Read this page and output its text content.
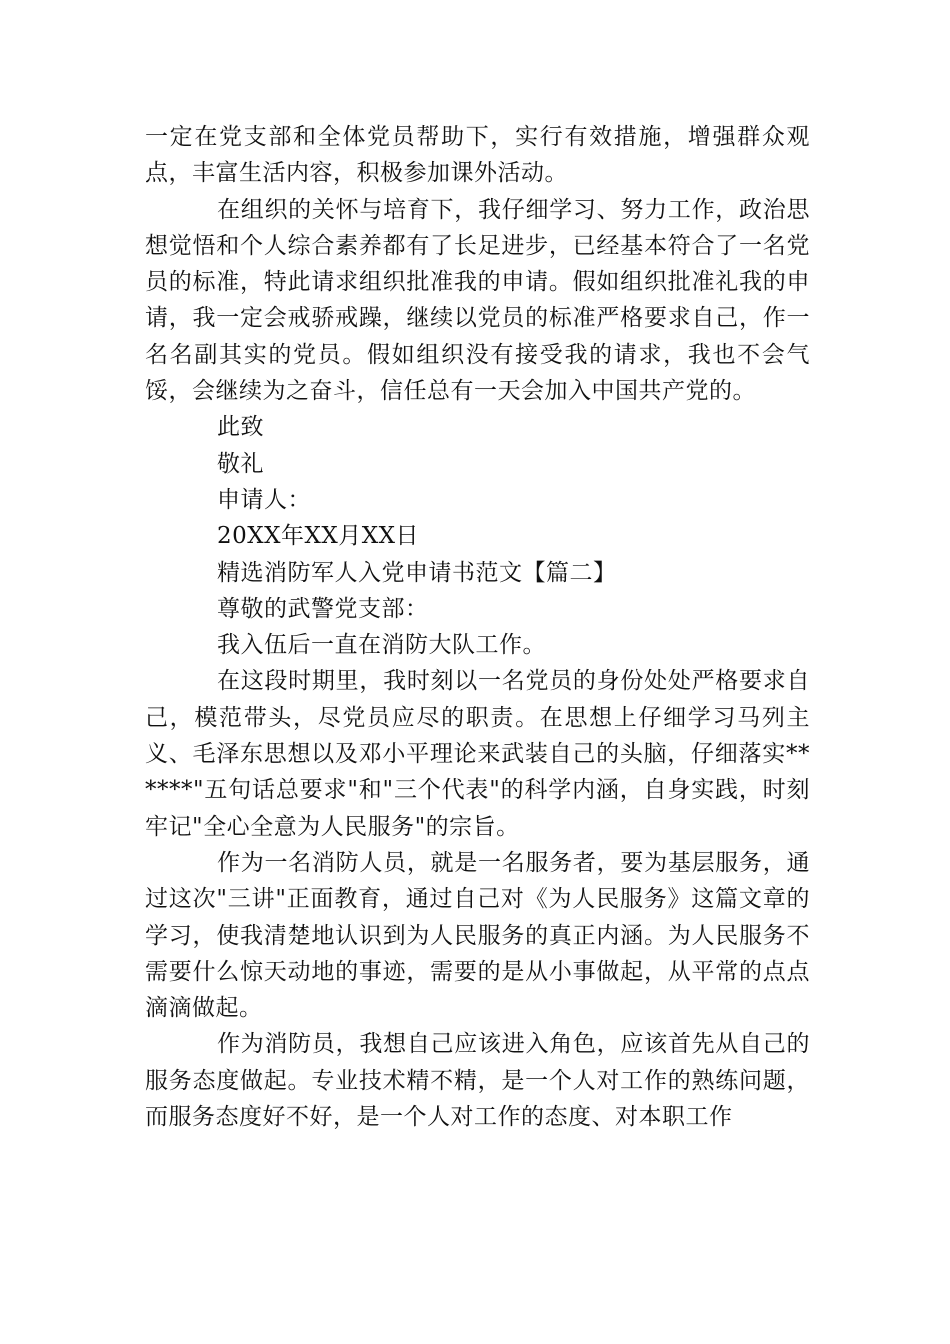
一定在党支部和全体党员帮助下，实行有效措施，增强群众观点，丰富生活内容，积极参加课外活动。

在组织的关怀与培育下，我仔细学习、努力工作，政治思想觉悟和个人综合素养都有了长足进步，已经基本符合了一名党员的标准，特此请求组织批准我的申请。假如组织批准礼我的申请，我一定会戒骄戒躁，继续以党员的标准严格要求自己，作一名名副其实的党员。假如组织没有接受我的请求，我也不会气馁，会继续为之奋斗，信任总有一天会加入中国共产党的。

此致

敬礼

申请人：

20XX年XX月XX日

精选消防军人入党申请书范文【篇二】

尊敬的武警党支部：

我入伍后一直在消防大队工作。

在这段时期里，我时刻以一名党员的身份处处严格要求自己，模范带头，尽党员应尽的职责。在思想上仔细学习马列主义、毛泽东思想以及邓小平理论来武装自己的头脑，仔细落实******"五句话总要求"和"三个代表"的科学内涵，自身实践，时刻牢记"全心全意为人民服务"的宗旨。

作为一名消防人员，就是一名服务者，要为基层服务，通过这次"三讲"正面教育，通过自己对《为人民服务》这篇文章的学习，使我清楚地认识到为人民服务的真正内涵。为人民服务不需要什么惊天动地的事迹，需要的是从小事做起，从平常的点点滴滴做起。

作为消防员，我想自己应该进入角色，应该首先从自己的服务态度做起。专业技术精不精，是一个人对工作的熟练问题，而服务态度好不好，是一个人对工作的态度、对本职工作
